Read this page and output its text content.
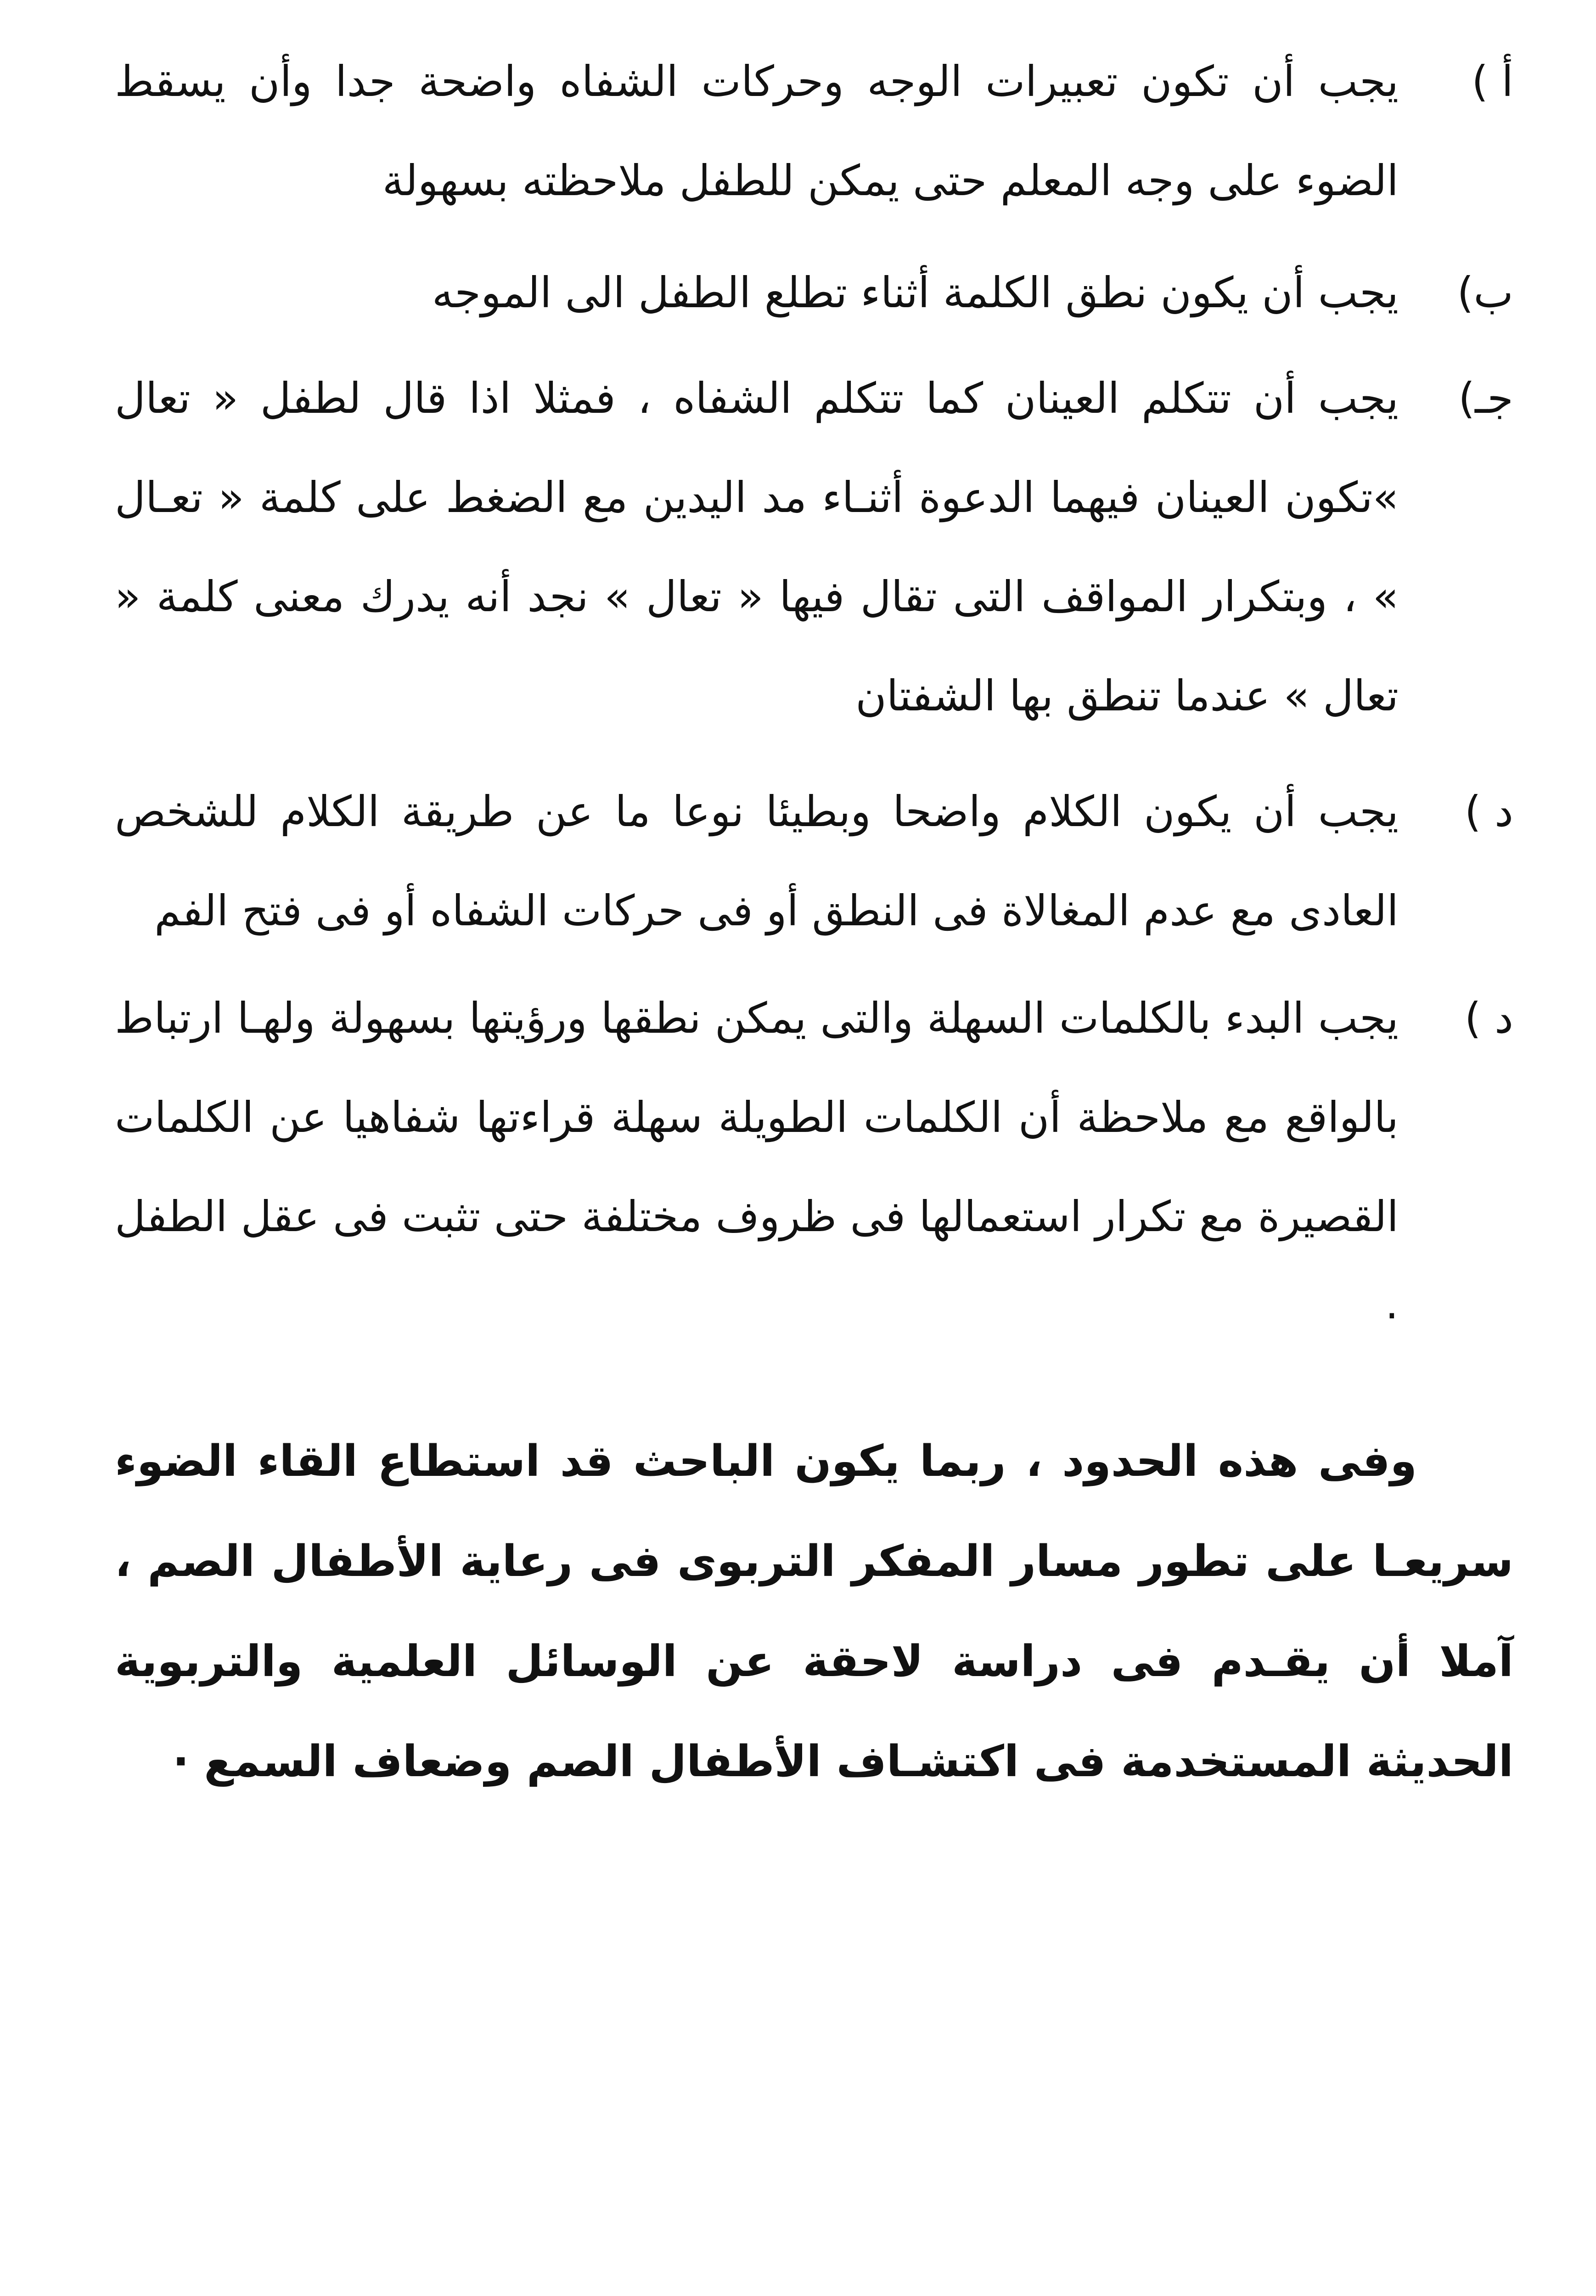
أ )
يجب أن تكون تعبيرات الوجه وحركات الشفاه واضحة جدا وأن يسقط الضوء على وجه المعلم حتى يمكن للطفل ملاحظته بسهولة

ب)
يجب أن يكون نطق الكلمة أثناء تطلع الطفل الى الموجه

جـ)
يجب أن تتكلم العينان كما تتكلم الشفاه ، فمثلا اذا قال لطفل « تعال »تكون العينان فيهما الدعوة أثنـاء مد اليدين مع الضغط على كلمة « تعـال » ، وبتكرار المواقف التى تقال فيها « تعال » نجد أنه يدرك معنى كلمة « تعال » عندما تنطق بها الشفتان

د )
يجب أن يكون الكلام واضحا وبطيئا نوعا ما عن طريقة الكلام للشخص العادى مع عدم المغالاة فى النطق أو فى حركات الشفاه أو فى فتح الفم

د )
يجب البدء بالكلمات السهلة والتى يمكن نطقها ورؤيتها بسهولة ولهـا ارتباط بالواقع مع ملاحظة أن الكلمات الطويلة سهلة قراءتها شفاهيا عن الكلمات القصيرة مع تكرار استعمالها فى ظروف مختلفة حتى تثبت فى عقل الطفل ·

وفى هذه الحدود ، ربما يكون الباحث قد استطاع القاء الضوء سريعـا على تطور مسار المفكر التربوى فى رعاية الأطفال الصم ، آملا أن يقـدم فى دراسة لاحقة عن الوسائل العلمية والتربوية الحديثة المستخدمة فى اكتشـاف الأطفال الصم وضعاف السمع ·
